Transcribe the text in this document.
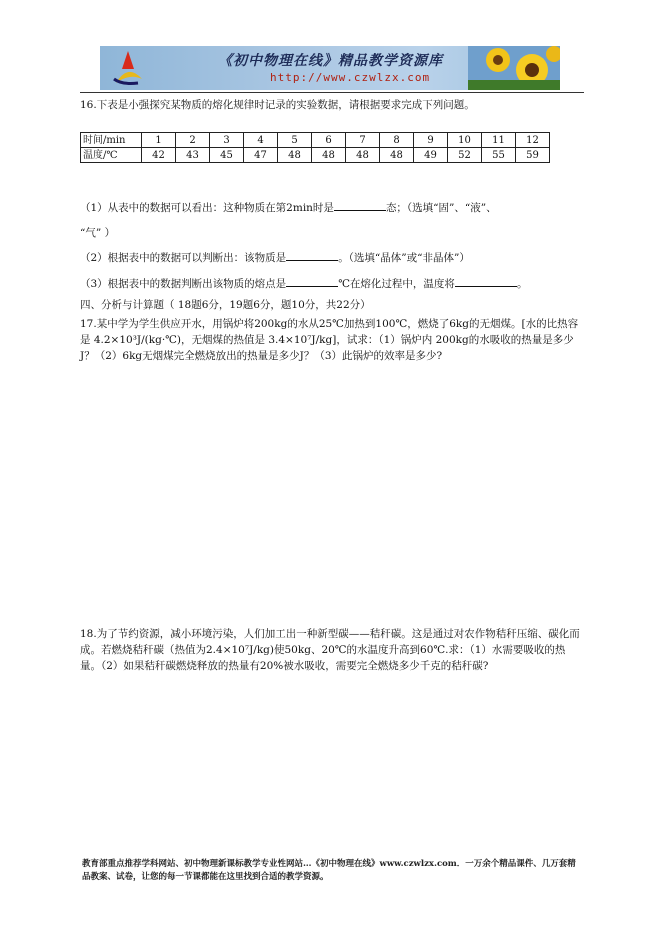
《初中物理在线》精品教学资源库
http://www.czwlzx.com
16.下表是小强探究某物质的熔化规律时记录的实验数据，请根据要求完成下列问题。
时间/min	1	2	3	4	5	6	7	8	9	10	11	12
温度/℃	42	43	45	47	48	48	48	48	49	52	55	59
（1）从表中的数据可以看出：这种物质在第2min时是	态；（选填“固”、“液”、
“气” ）
（2）根据表中的数据可以判断出：该物质是	。（选填“晶体”或“非晶体”）
（3）根据表中的数据判断出该物质的熔点是	℃在熔化过程中，温度将	。
四、分析与计算题（ 18题6分，19题6分，题10分，共22分）
17.某中学为学生供应开水，用锅炉将200kg的水从25℃加热到100℃，燃烧了6kg的无烟煤。[水的比热容是 4.2×10³J/(kg·℃)，无烟煤的热值是 3.4×10⁷J/kg]，试求：（1）锅炉内 200kg的水吸收的热量是多少J？（2）6kg无烟煤完全燃烧放出的热量是多少J？（3）此锅炉的效率是多少?
18.为了节约资源，减小环境污染，人们加工出一种新型碳——秸秆碳。这是通过对农作物秸秆压缩、碳化而成。若燃烧秸秆碳（热值为2.4×10⁷J/kg)使50kg、20℃的水温度升高到60℃.求：（1）水需要吸收的热量。（2）如果秸秆碳燃烧释放的热量有20%被水吸收，需要完全燃烧多少千克的秸秆碳?
教育部重点推荐学科网站、初中物理新课标教学专业性网站…《初中物理在线》www.czwlzx.com．一万余个精品课件、几万套精品教案、试卷，让您的每一节课都能在这里找到合适的教学资源。
